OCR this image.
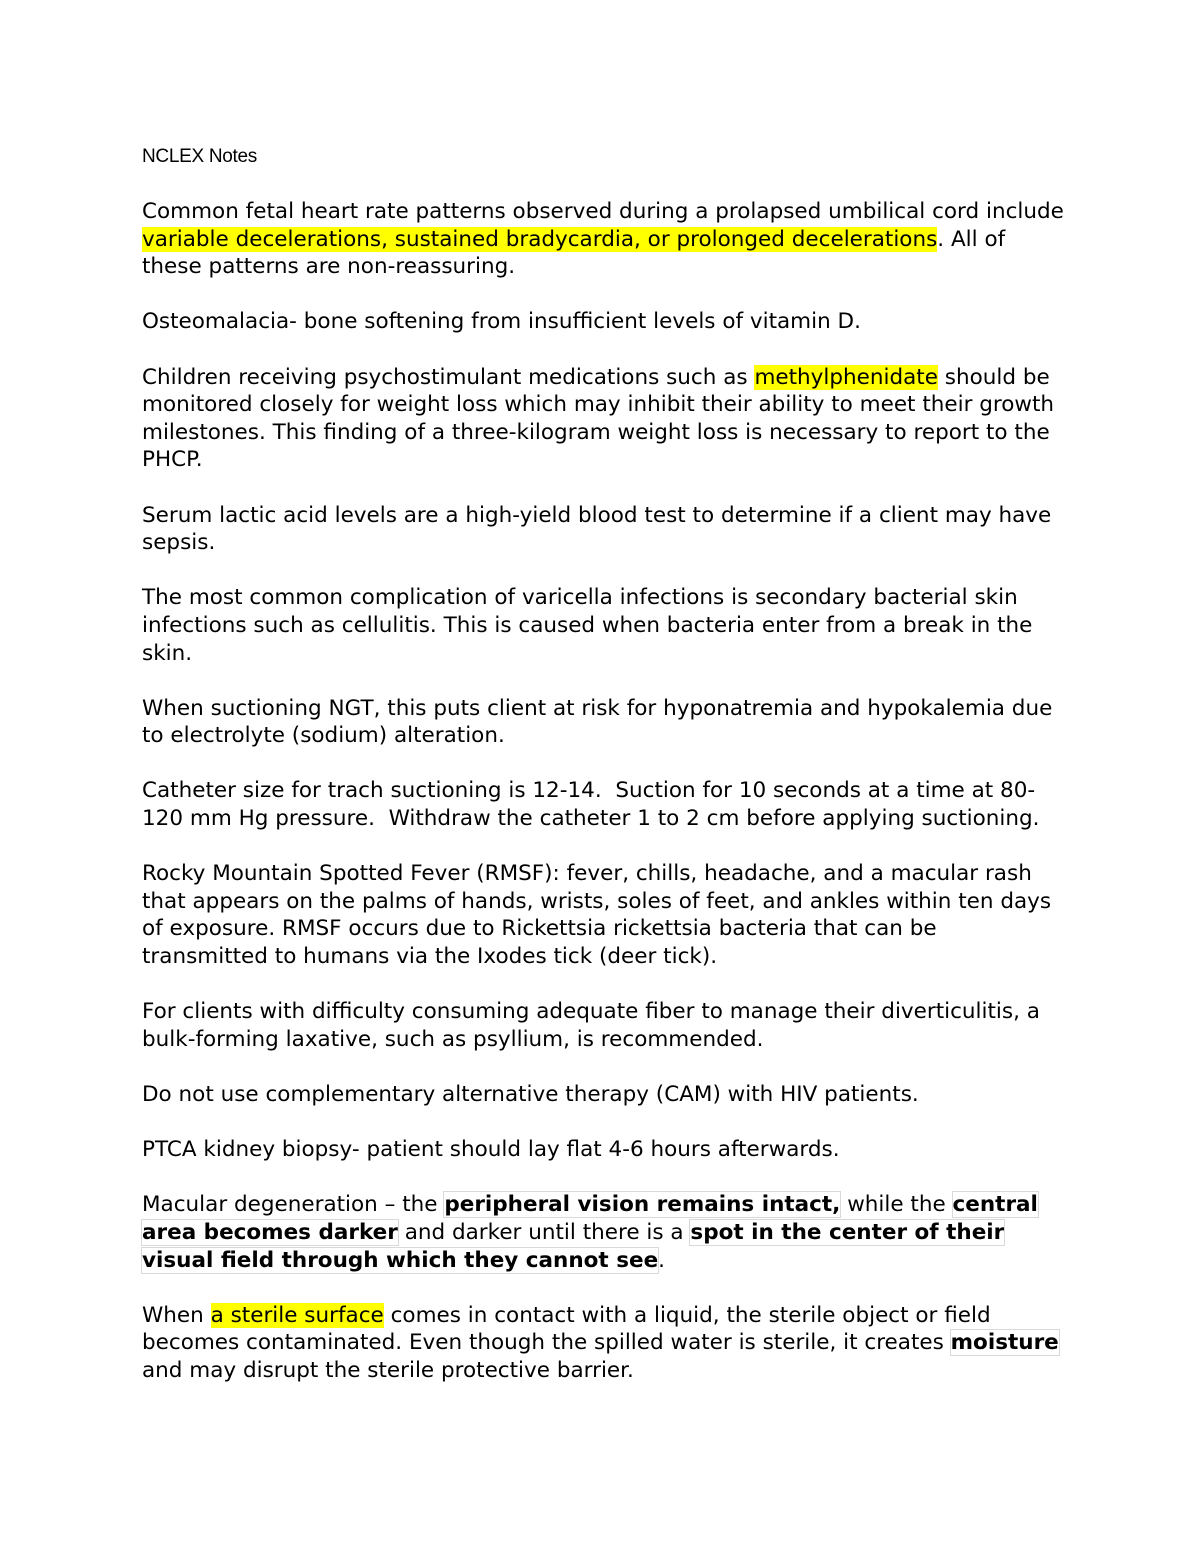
NCLEX Notes

Common fetal heart rate patterns observed during a prolapsed umbilical cord include variable decelerations, sustained bradycardia, or prolonged decelerations. All of these patterns are non-reassuring.

Osteomalacia- bone softening from insufficient levels of vitamin D.

Children receiving psychostimulant medications such as methylphenidate should be monitored closely for weight loss which may inhibit their ability to meet their growth milestones. This finding of a three-kilogram weight loss is necessary to report to the PHCP.

Serum lactic acid levels are a high-yield blood test to determine if a client may have sepsis.

The most common complication of varicella infections is secondary bacterial skin infections such as cellulitis. This is caused when bacteria enter from a break in the skin.

When suctioning NGT, this puts client at risk for hyponatremia and hypokalemia due to electrolyte (sodium) alteration.

Catheter size for trach suctioning is 12-14.  Suction for 10 seconds at a time at 80-120 mm Hg pressure.  Withdraw the catheter 1 to 2 cm before applying suctioning.

Rocky Mountain Spotted Fever (RMSF): fever, chills, headache, and a macular rash that appears on the palms of hands, wrists, soles of feet, and ankles within ten days of exposure. RMSF occurs due to Rickettsia rickettsia bacteria that can be transmitted to humans via the Ixodes tick (deer tick).

For clients with difficulty consuming adequate fiber to manage their diverticulitis, a bulk-forming laxative, such as psyllium, is recommended.

Do not use complementary alternative therapy (CAM) with HIV patients.

PTCA kidney biopsy- patient should lay flat 4-6 hours afterwards.

Macular degeneration – the peripheral vision remains intact, while the central area becomes darker and darker until there is a spot in the center of their visual field through which they cannot see.

When a sterile surface comes in contact with a liquid, the sterile object or field becomes contaminated. Even though the spilled water is sterile, it creates moisture and may disrupt the sterile protective barrier.
